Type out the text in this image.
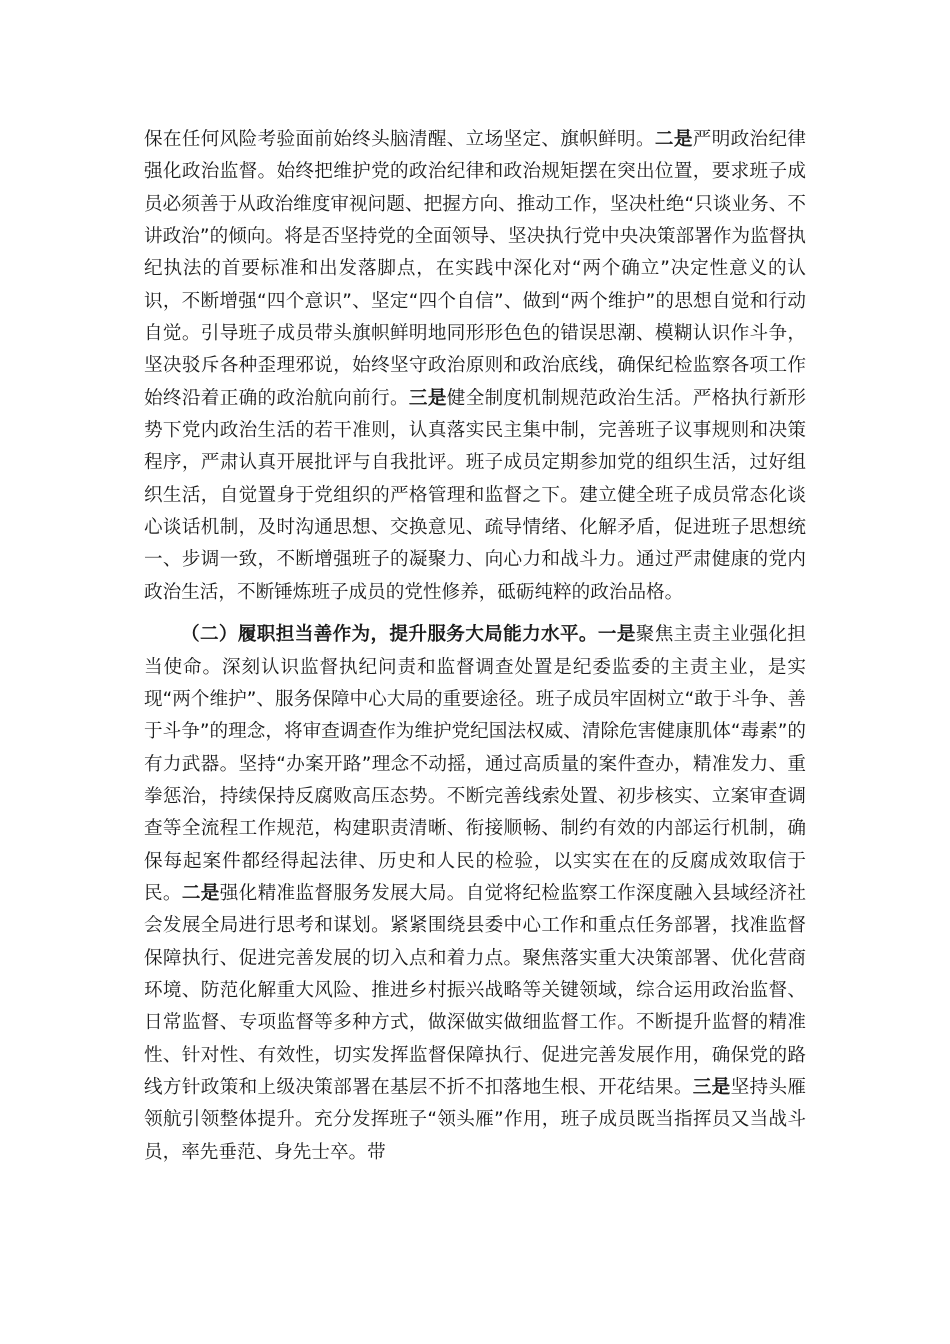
保在任何风险考验面前始终头脑清醒、立场坚定、旗帜鲜明。二是严明政治纪律强化政治监督。始终把维护党的政治纪律和政治规矩摆在突出位置，要求班子成员必须善于从政治维度审视问题、把握方向、推动工作，坚决杜绝“只谈业务、不讲政治”的倾向。将是否坚持党的全面领导、坚决执行党中央决策部署作为监督执纪执法的首要标准和出发落脚点，在实践中深化对“两个确立”决定性意义的认识，不断增强“四个意识”、坚定“四个自信”、做到“两个维护”的思想自觉和行动自觉。引导班子成员带头旗帜鲜明地同形形色色的错误思潮、模糊认识作斗争，坚决驳斥各种歪理邪说，始终坚守政治原则和政治底线，确保纪检监察各项工作始终沿着正确的政治航向前行。三是健全制度机制规范政治生活。严格执行新形势下党内政治生活的若干准则，认真落实民主集中制，完善班子议事规则和决策程序，严肃认真开展批评与自我批评。班子成员定期参加党的组织生活，过好组织生活，自觉置身于党组织的严格管理和监督之下。建立健全班子成员常态化谈心谈话机制，及时沟通思想、交换意见、疏导情绪、化解矛盾，促进班子思想统一、步调一致，不断增强班子的凝聚力、向心力和战斗力。通过严肃健康的党内政治生活，不断锤炼班子成员的党性修养，砥砺纯粹的政治品格。

（二）履职担当善作为，提升服务大局能力水平。一是聚焦主责主业强化担当使命。深刻认识监督执纪问责和监督调查处置是纪委监委的主责主业，是实现“两个维护”、服务保障中心大局的重要途径。班子成员牢固树立“敢于斗争、善于斗争”的理念，将审查调查作为维护党纪国法权威、清除危害健康肌体“毒素”的有力武器。坚持“办案开路”理念不动摇，通过高质量的案件查办，精准发力、重拳惩治，持续保持反腐败高压态势。不断完善线索处置、初步核实、立案审查调查等全流程工作规范，构建职责清晰、衔接顺畅、制约有效的内部运行机制，确保每起案件都经得起法律、历史和人民的检验，以实实在在的反腐成效取信于民。二是强化精准监督服务发展大局。自觉将纪检监察工作深度融入县域经济社会发展全局进行思考和谋划。紧紧围绕县委中心工作和重点任务部署，找准监督保障执行、促进完善发展的切入点和着力点。聚焦落实重大决策部署、优化营商环境、防范化解重大风险、推进乡村振兴战略等关键领域，综合运用政治监督、日常监督、专项监督等多种方式，做深做实做细监督工作。不断提升监督的精准性、针对性、有效性，切实发挥监督保障执行、促进完善发展作用，确保党的路线方针政策和上级决策部署在基层不折不扣落地生根、开花结果。三是坚持头雁领航引领整体提升。充分发挥班子“领头雁”作用，班子成员既当指挥员又当战斗员，率先垂范、身先士卒。带
